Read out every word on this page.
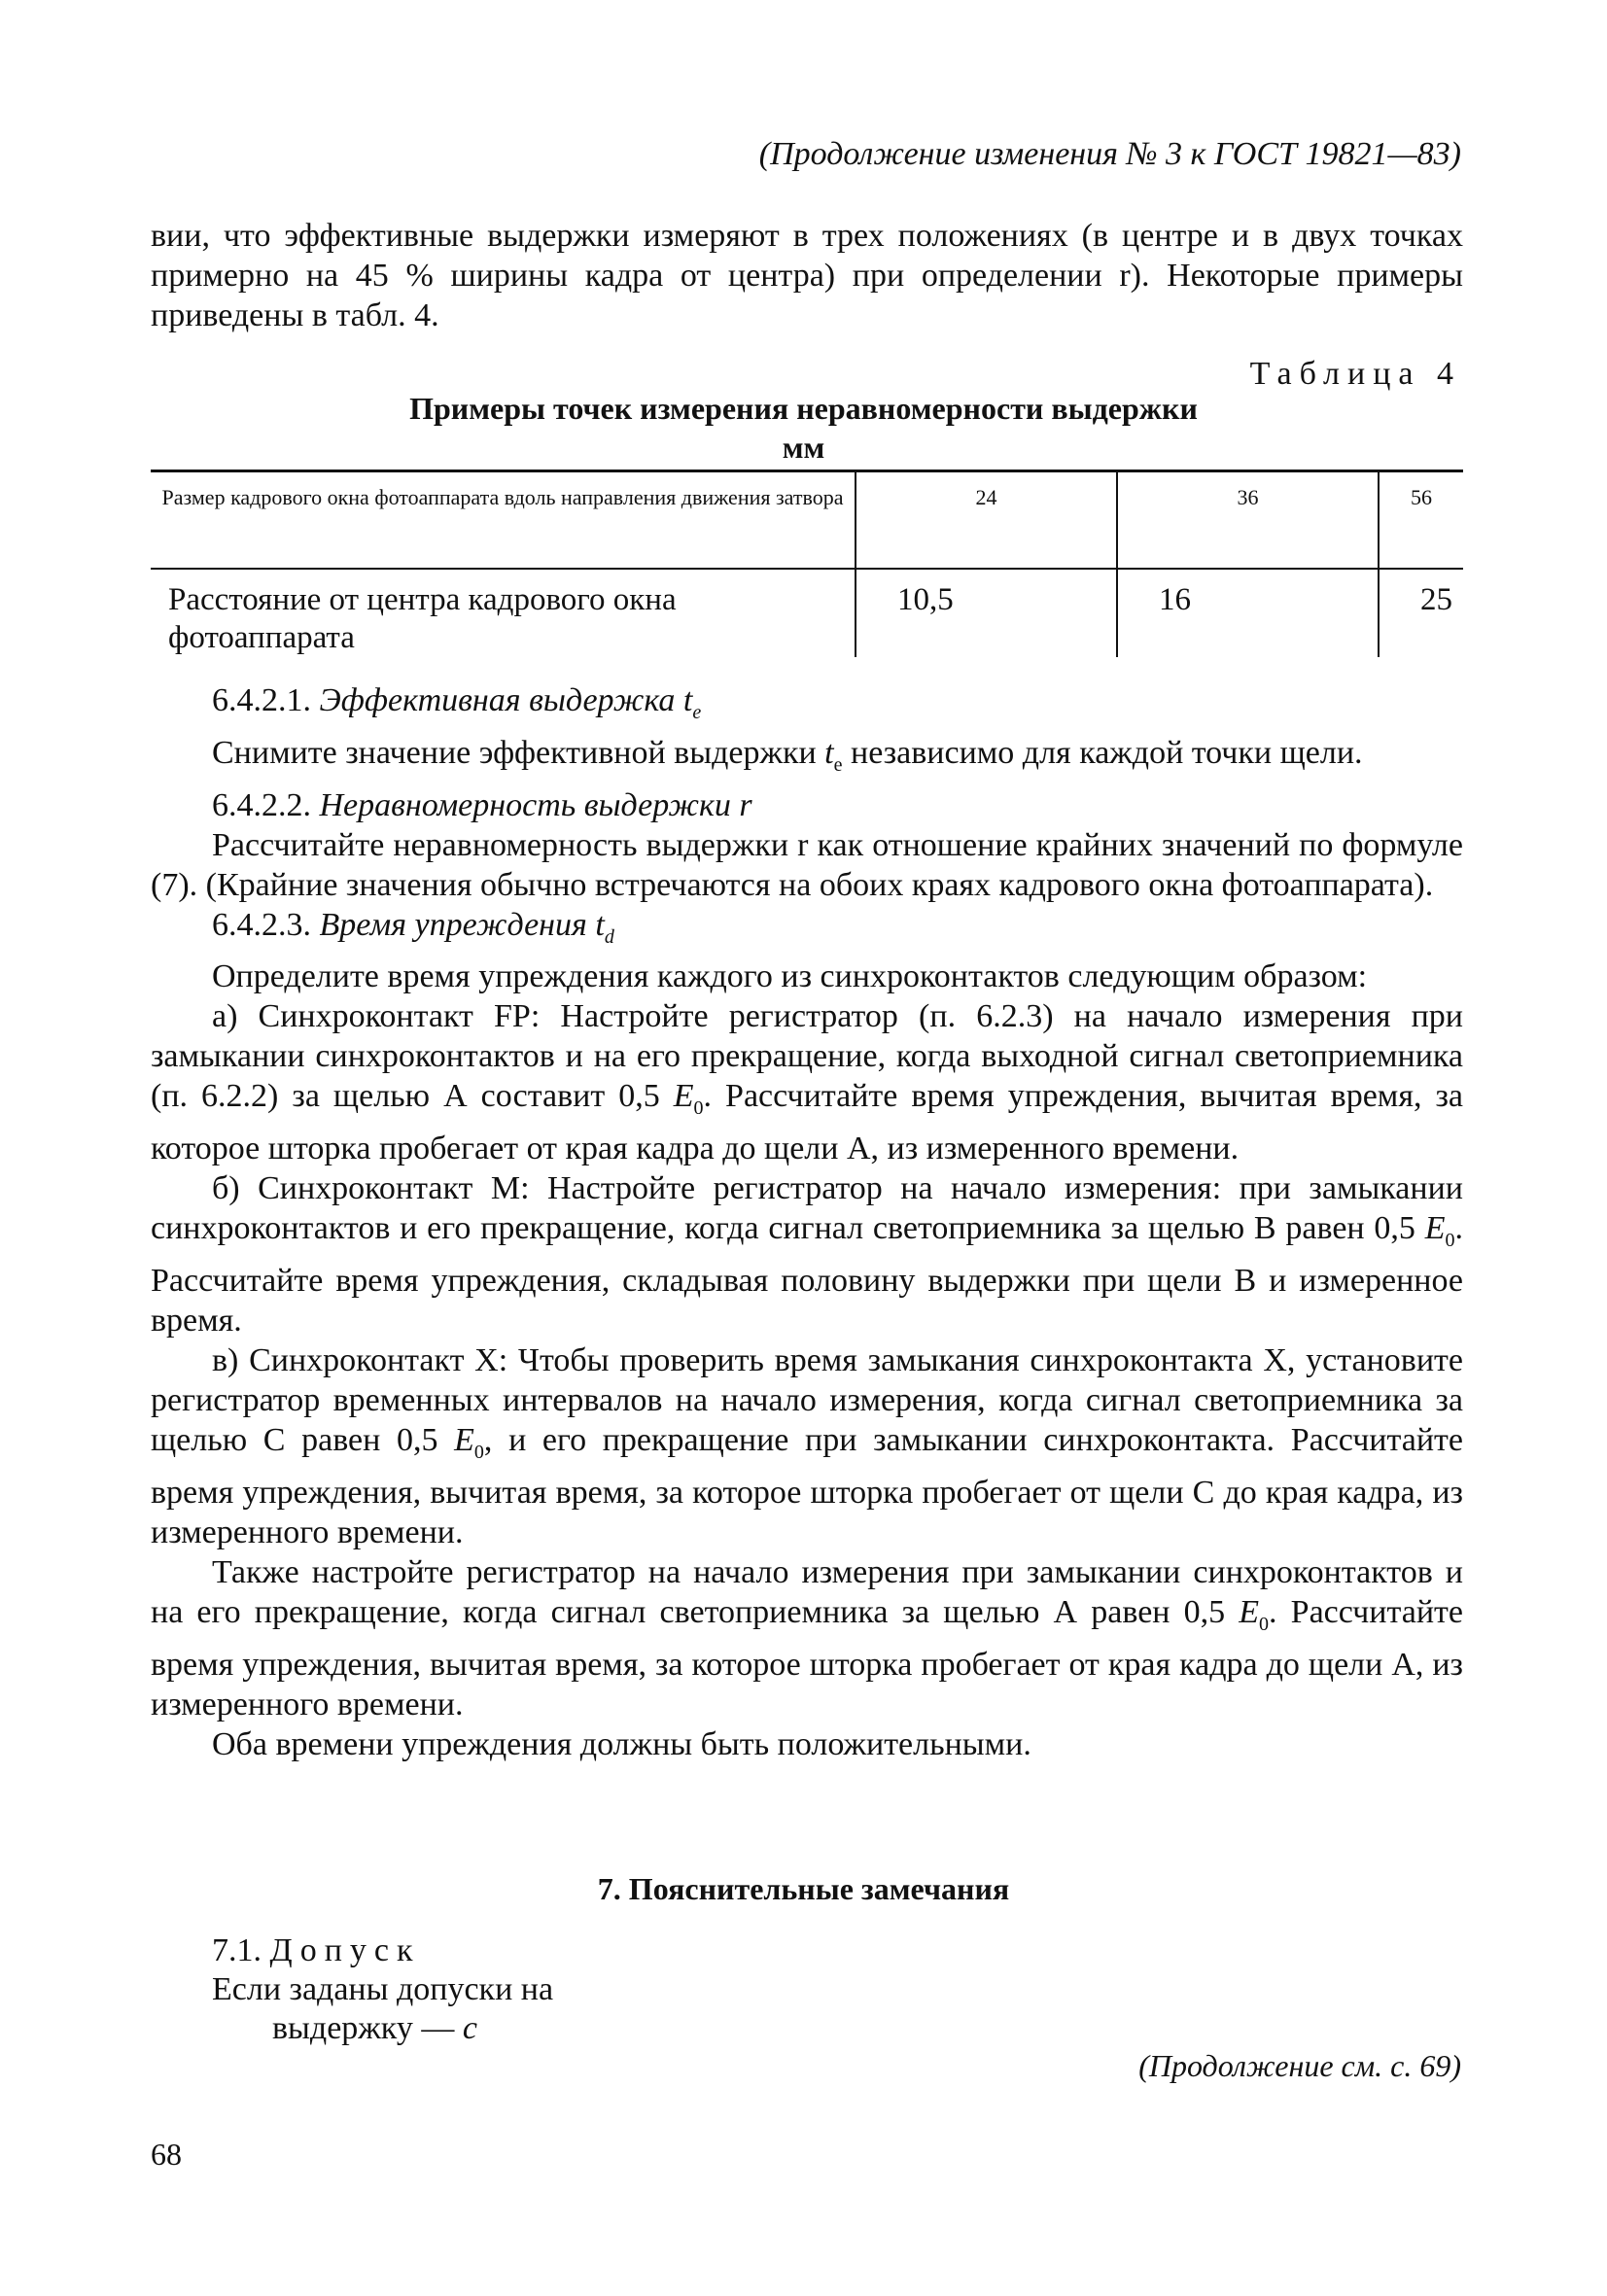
(Продолжение изменения № 3 к ГОСТ 19821—83)
вии, что эффективные выдержки измеряют в трех положениях (в центре и в двух точках примерно на 45 % ширины кадра от центра) при определении r). Некоторые примеры приведены в табл. 4.
Таблица 4
Примеры точек измерения неравномерности выдержки
мм
Размер кадрового окна фотоаппарата вдоль направления движения затвора	24	36	56
Расстояние от центра кадрового окна фотоаппарата	10,5	16	25
6.4.2.1. Эффективная выдержка $t_e$
Снимите значение эффективной выдержки $t_e$ независимо для каждой точки щели.
6.4.2.2. Неравномерность выдержки r
Рассчитайте неравномерность выдержки r как отношение крайних значений по формуле (7). (Крайние значения обычно встречаются на обоих краях кадрового окна фотоаппарата).
6.4.2.3. Время упреждения $t_d$
Определите время упреждения каждого из синхроконтактов следующим образом:
а) Синхроконтакт FP: Настройте регистратор (п. 6.2.3) на начало измерения при замыкании синхроконтактов и на его прекращение, когда выходной сигнал светоприемника (п. 6.2.2) за щелью А составит 0,5 $E_0$. Рассчитайте время упреждения, вычитая время, за которое шторка пробегает от края кадра до щели А, из измеренного времени.
б) Синхроконтакт М: Настройте регистратор на начало измерения: при замыкании синхроконтактов и его прекращение, когда сигнал светоприемника за щелью В равен 0,5 $E_0$. Рассчитайте время упреждения, складывая половину выдержки при щели В и измеренное время.
в) Синхроконтакт X: Чтобы проверить время замыкания синхроконтакта X, установите регистратор временных интервалов на начало измерения, когда сигнал светоприемника за щелью С равен 0,5 $E_0$, и его прекращение при замыкании синхроконтакта. Рассчитайте время упреждения, вычитая время, за которое шторка пробегает от щели С до края кадра, из измеренного времени.
Также настройте регистратор на начало измерения при замыкании синхроконтактов и на его прекращение, когда сигнал светоприемника за щелью А равен 0,5 $E_0$. Рассчитайте время упреждения, вычитая время, за которое шторка пробегает от края кадра до щели А, из измеренного времени.
Оба времени упреждения должны быть положительными.
7. Пояснительные замечания
7.1. Допуск
Если заданы допуски на
выдержку — с
(Продолжение см. с. 69)
68
